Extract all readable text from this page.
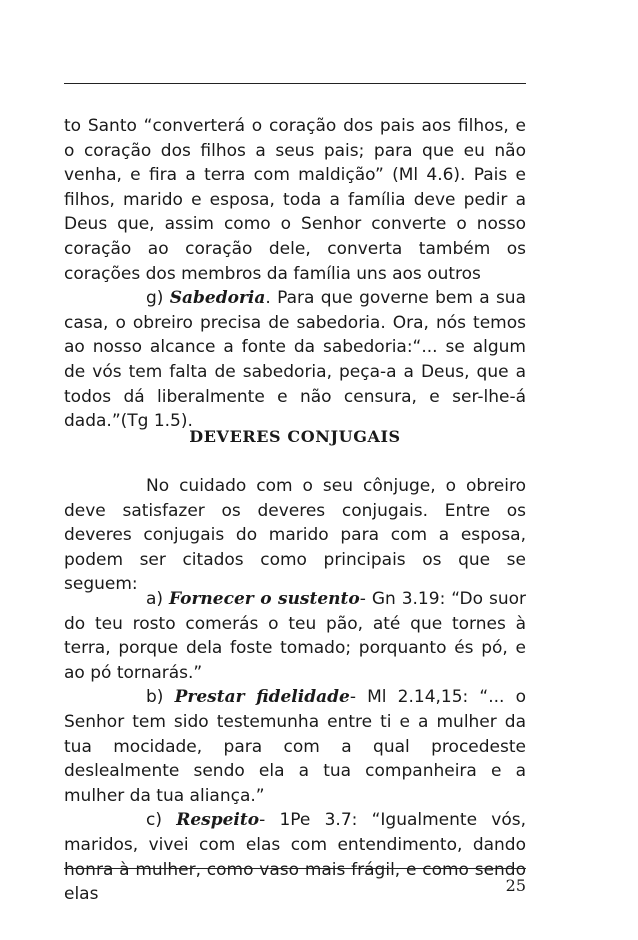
to Santo “converterá o coração dos pais aos filhos, e o coração dos filhos a seus pais; para que eu não venha, e fira a terra com maldição” (Ml 4.6). Pais e filhos, marido e esposa, toda a família deve pedir a Deus que, assim como o Senhor converte o nosso coração ao coração dele, converta também os corações dos membros da família uns aos outros

g) Sabedoria. Para que governe bem a sua casa, o obreiro precisa de sabedoria. Ora, nós temos ao nosso alcance a fonte da sabedoria:“... se algum de vós tem falta de sabedoria, peça-a a Deus, que a todos dá liberalmente e não censura, e ser-lhe-á dada.”(Tg 1.5).

DEVERES CONJUGAIS

No cuidado com o seu cônjuge, o obreiro deve satisfazer os deveres conjugais. Entre os deveres conjugais do marido para com a esposa, podem ser citados como principais os que se seguem:

a) Fornecer o sustento- Gn 3.19: “Do suor do teu rosto comerás o teu pão, até que tornes à terra, porque dela foste tomado; porquanto és pó, e ao pó tornarás.”

b) Prestar fidelidade- Ml 2.14,15: “... o Senhor tem sido testemunha entre ti e a mulher da tua mocidade, para com a qual procedeste deslealmente sendo ela a tua companheira e a mulher da tua aliança.”

c) Respeito- 1Pe 3.7: “Igualmente vós, maridos, vivei com elas com entendimento, dando honra à mulher, como vaso mais frágil, e como sendo elas	25
